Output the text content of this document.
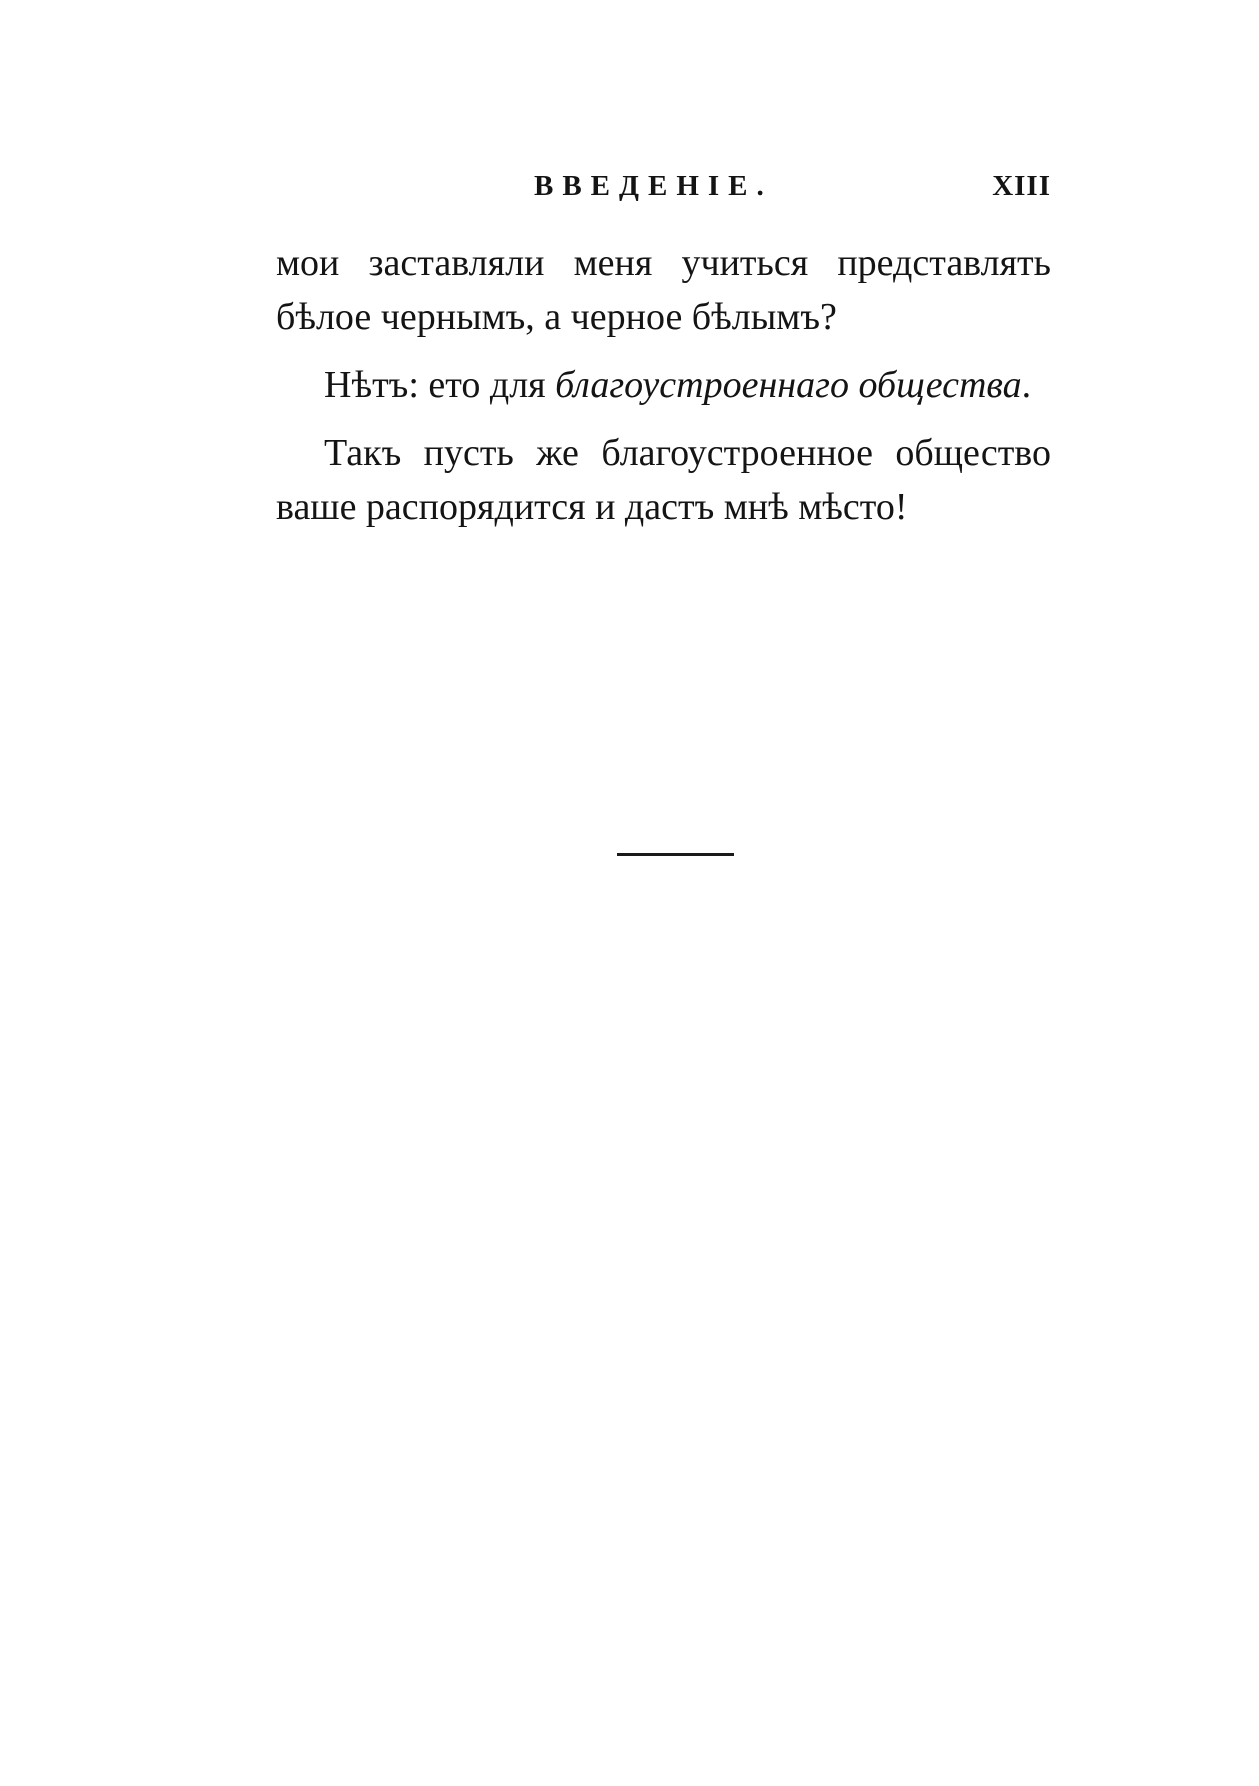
ВВЕДЕНІЕ.	XIII

мои заставляли меня учиться представлять бѣлое чернымъ, а черное бѣлымъ?

Нѣтъ: ето для благоустроеннаго общества.

Такъ пусть же благоустроенное общество ваше распорядится и дастъ мнѣ мѣсто!
